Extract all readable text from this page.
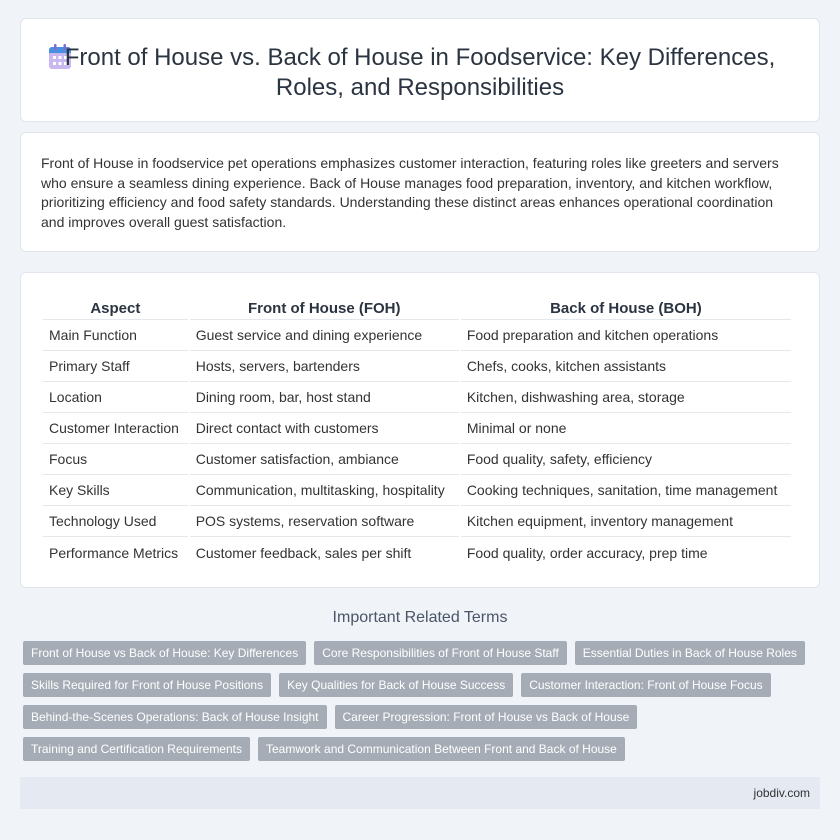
Front of House vs. Back of House in Foodservice: Key Differences, Roles, and Responsibilities

Front of House in foodservice pet operations emphasizes customer interaction, featuring roles like greeters and servers who ensure a seamless dining experience. Back of House manages food preparation, inventory, and kitchen workflow, prioritizing efficiency and food safety standards. Understanding these distinct areas enhances operational coordination and improves overall guest satisfaction.

Aspect	Front of House (FOH)	Back of House (BOH)
Main Function	Guest service and dining experience	Food preparation and kitchen operations
Primary Staff	Hosts, servers, bartenders	Chefs, cooks, kitchen assistants
Location	Dining room, bar, host stand	Kitchen, dishwashing area, storage
Customer Interaction	Direct contact with customers	Minimal or none
Focus	Customer satisfaction, ambiance	Food quality, safety, efficiency
Key Skills	Communication, multitasking, hospitality	Cooking techniques, sanitation, time management
Technology Used	POS systems, reservation software	Kitchen equipment, inventory management
Performance Metrics	Customer feedback, sales per shift	Food quality, order accuracy, prep time
Important Related Terms
Front of House vs Back of House: Key Differences	Core Responsibilities of Front of House Staff	Essential Duties in Back of House Roles
Skills Required for Front of House Positions	Key Qualities for Back of House Success	Customer Interaction: Front of House Focus
Behind-the-Scenes Operations: Back of House Insight	Career Progression: Front of House vs Back of House
Training and Certification Requirements	Teamwork and Communication Between Front and Back of House
jobdiv.com
